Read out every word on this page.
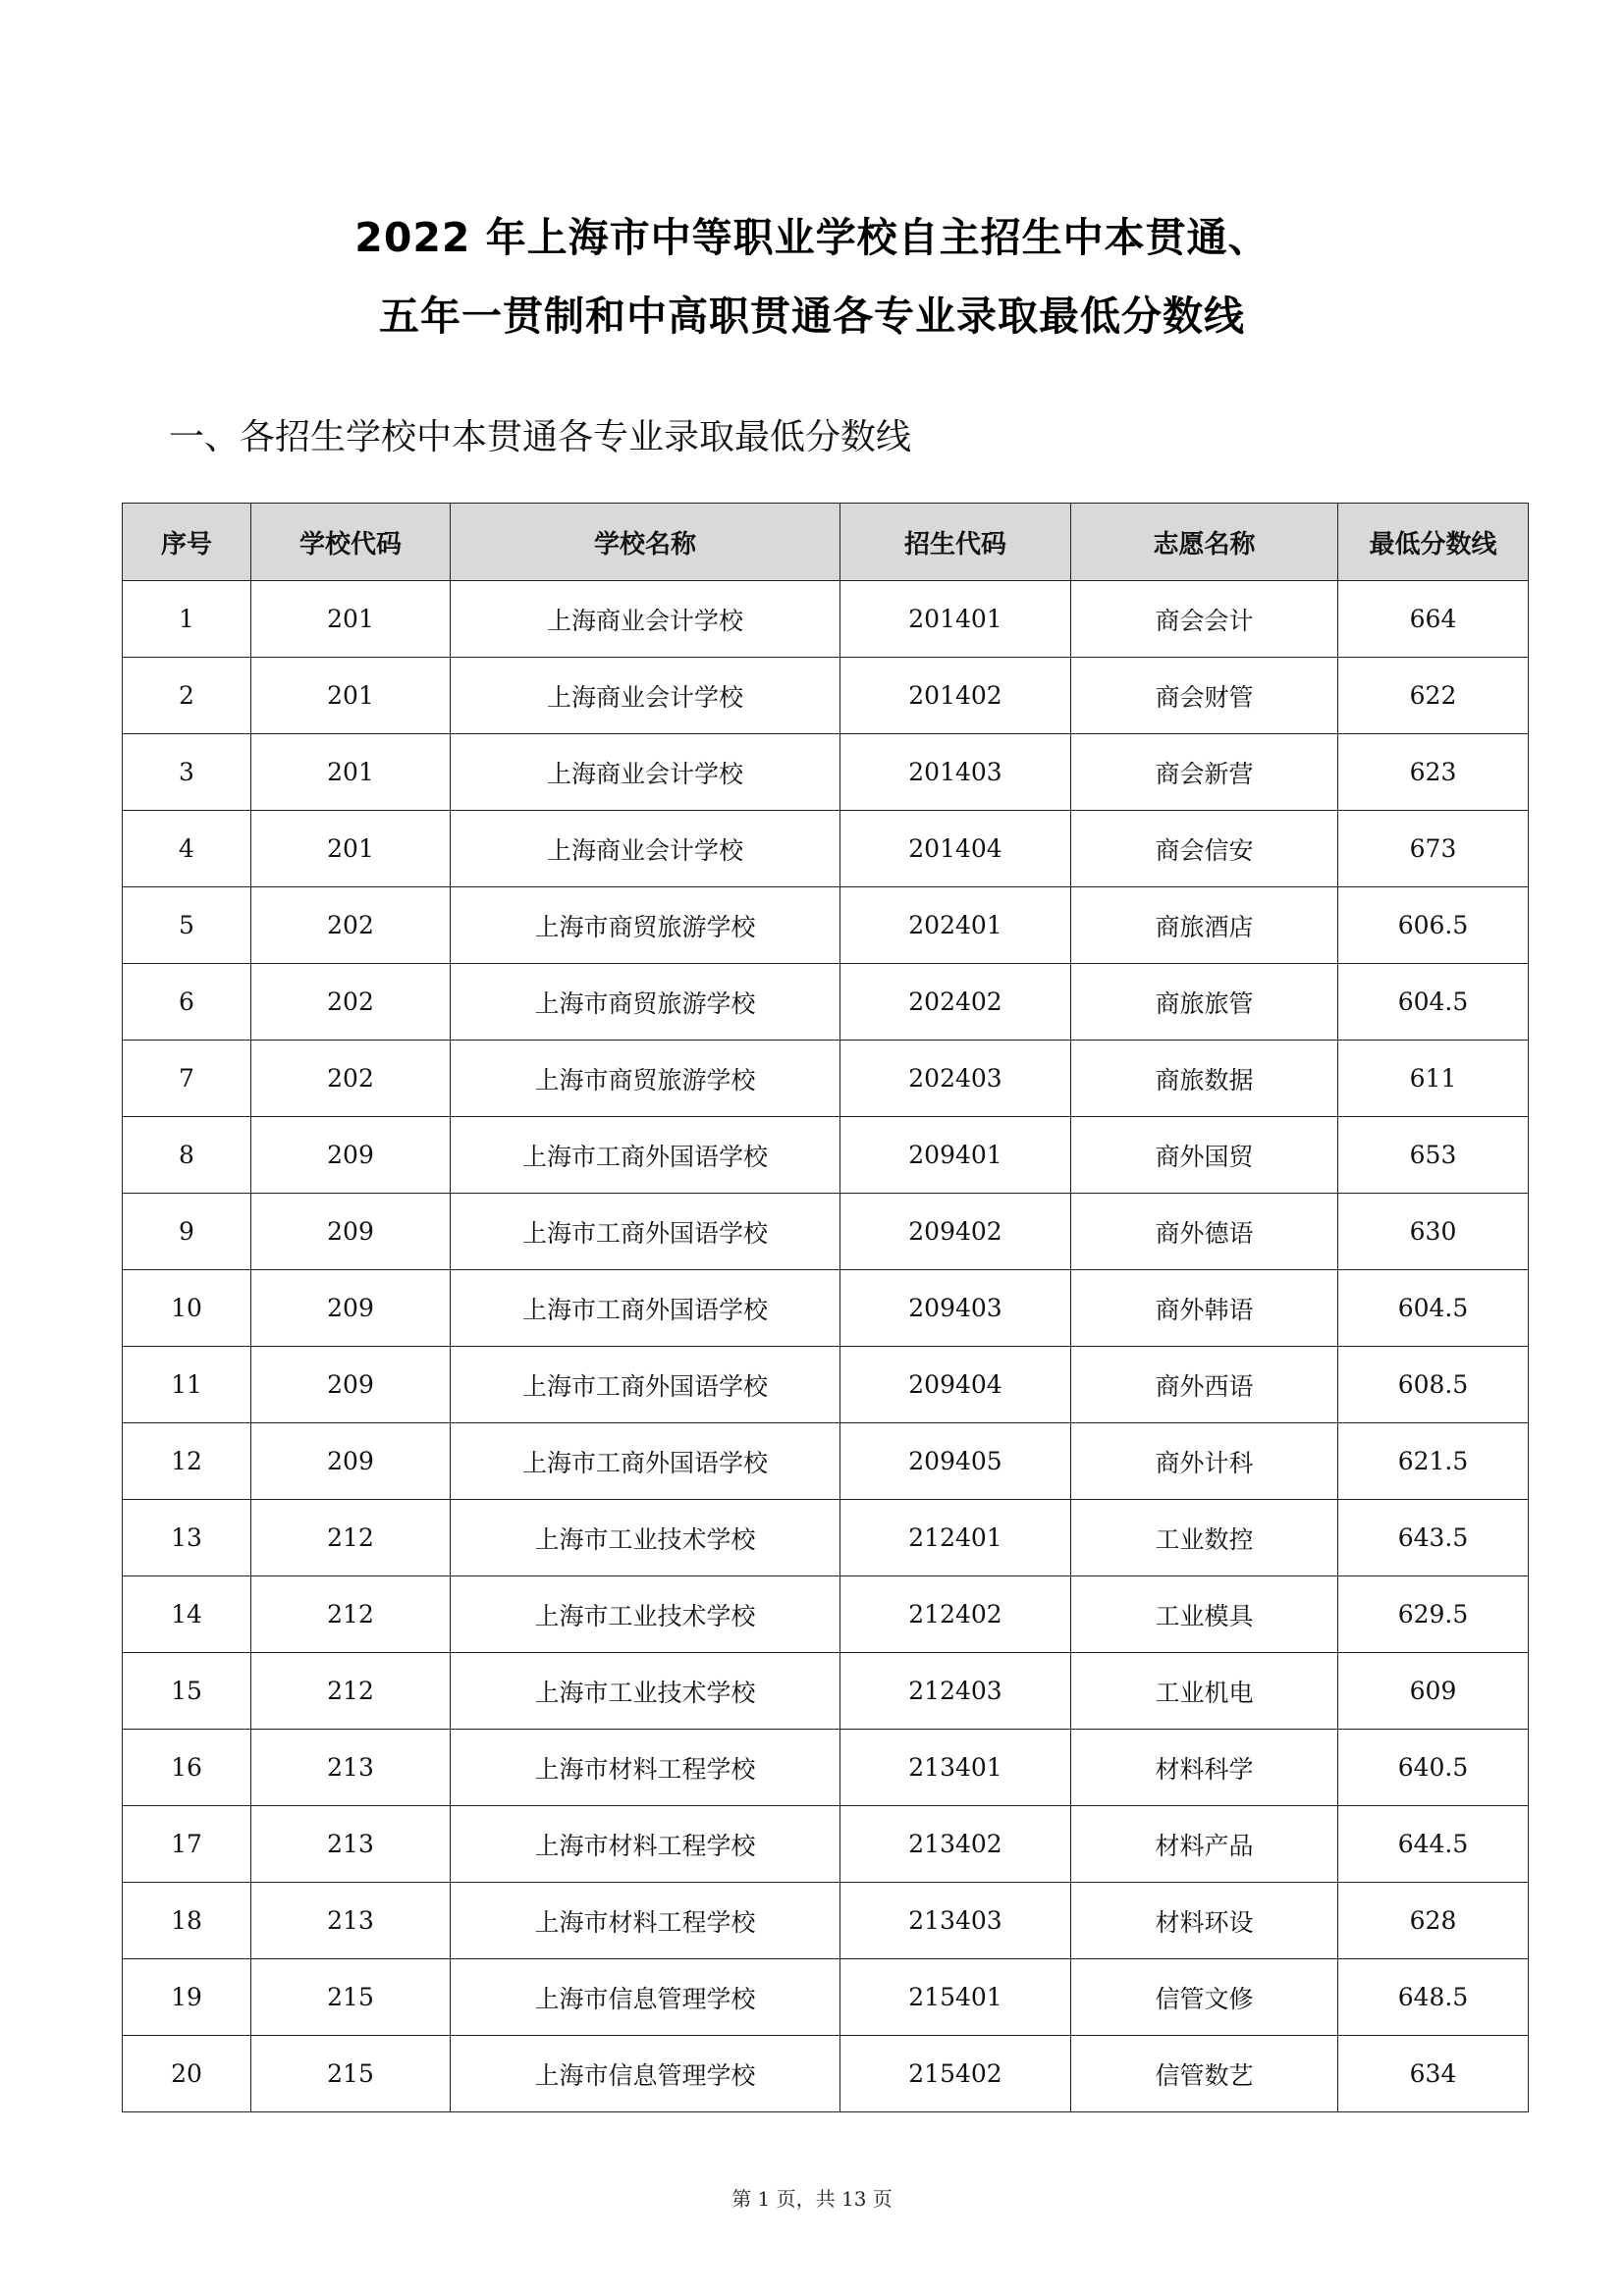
2022 年上海市中等职业学校自主招生中本贯通、
五年一贯制和中高职贯通各专业录取最低分数线
一、各招生学校中本贯通各专业录取最低分数线
序号	学校代码	学校名称	招生代码	志愿名称	最低分数线
1	201	上海商业会计学校	201401	商会会计	664
2	201	上海商业会计学校	201402	商会财管	622
3	201	上海商业会计学校	201403	商会新营	623
4	201	上海商业会计学校	201404	商会信安	673
5	202	上海市商贸旅游学校	202401	商旅酒店	606.5
6	202	上海市商贸旅游学校	202402	商旅旅管	604.5
7	202	上海市商贸旅游学校	202403	商旅数据	611
8	209	上海市工商外国语学校	209401	商外国贸	653
9	209	上海市工商外国语学校	209402	商外德语	630
10	209	上海市工商外国语学校	209403	商外韩语	604.5
11	209	上海市工商外国语学校	209404	商外西语	608.5
12	209	上海市工商外国语学校	209405	商外计科	621.5
13	212	上海市工业技术学校	212401	工业数控	643.5
14	212	上海市工业技术学校	212402	工业模具	629.5
15	212	上海市工业技术学校	212403	工业机电	609
16	213	上海市材料工程学校	213401	材料科学	640.5
17	213	上海市材料工程学校	213402	材料产品	644.5
18	213	上海市材料工程学校	213403	材料环设	628
19	215	上海市信息管理学校	215401	信管文修	648.5
20	215	上海市信息管理学校	215402	信管数艺	634
第 1 页，共 13 页
